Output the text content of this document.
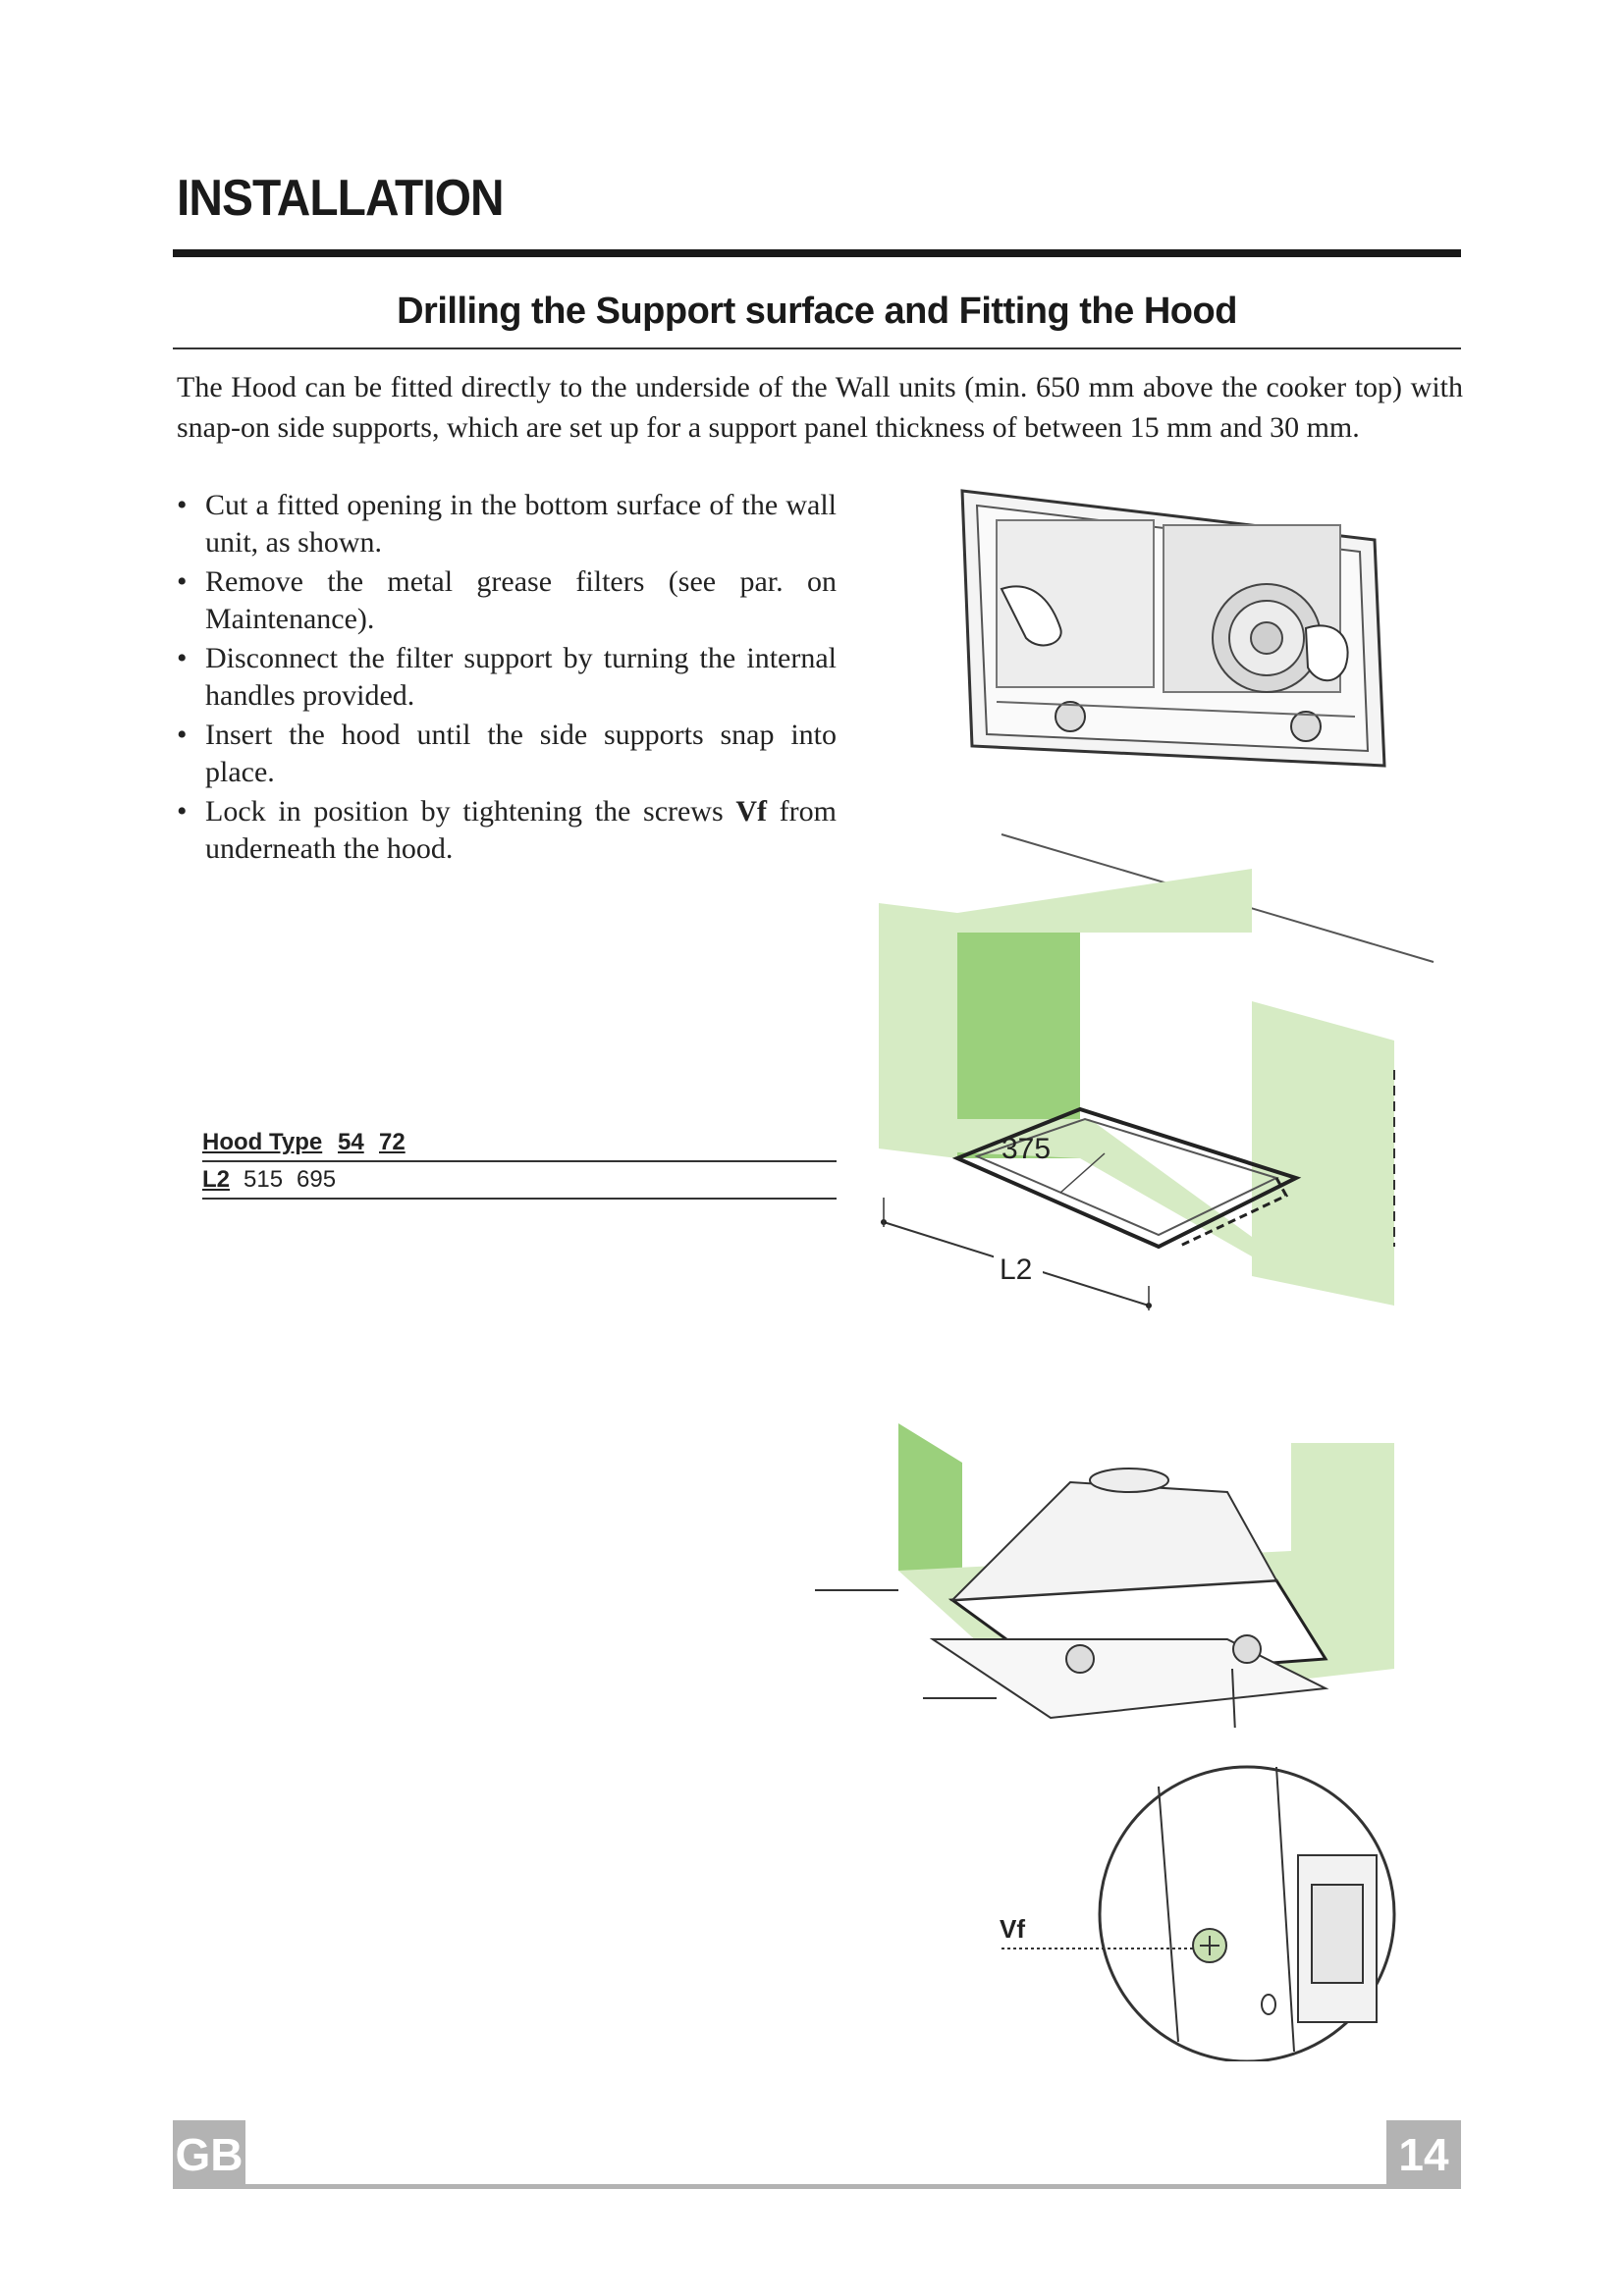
INSTALLATION
Drilling the Support surface and Fitting the Hood
The Hood can be fitted directly to the underside of the Wall units (min. 650 mm above the cooker top) with snap-on side supports, which are set up for a support panel thickness of between 15 mm and 30 mm.
• Cut a fitted opening in the bottom surface of the wall unit, as shown.
• Remove the metal grease filters (see par. on Maintenance).
• Disconnect the filter support by turning the internal handles provided.
• Insert the hood until the side supports snap into place.
• Lock in position by tightening the screws Vf from underneath the hood.
Hood Type 54 72
L2 515 695
375
L2
Vf
GB	14
